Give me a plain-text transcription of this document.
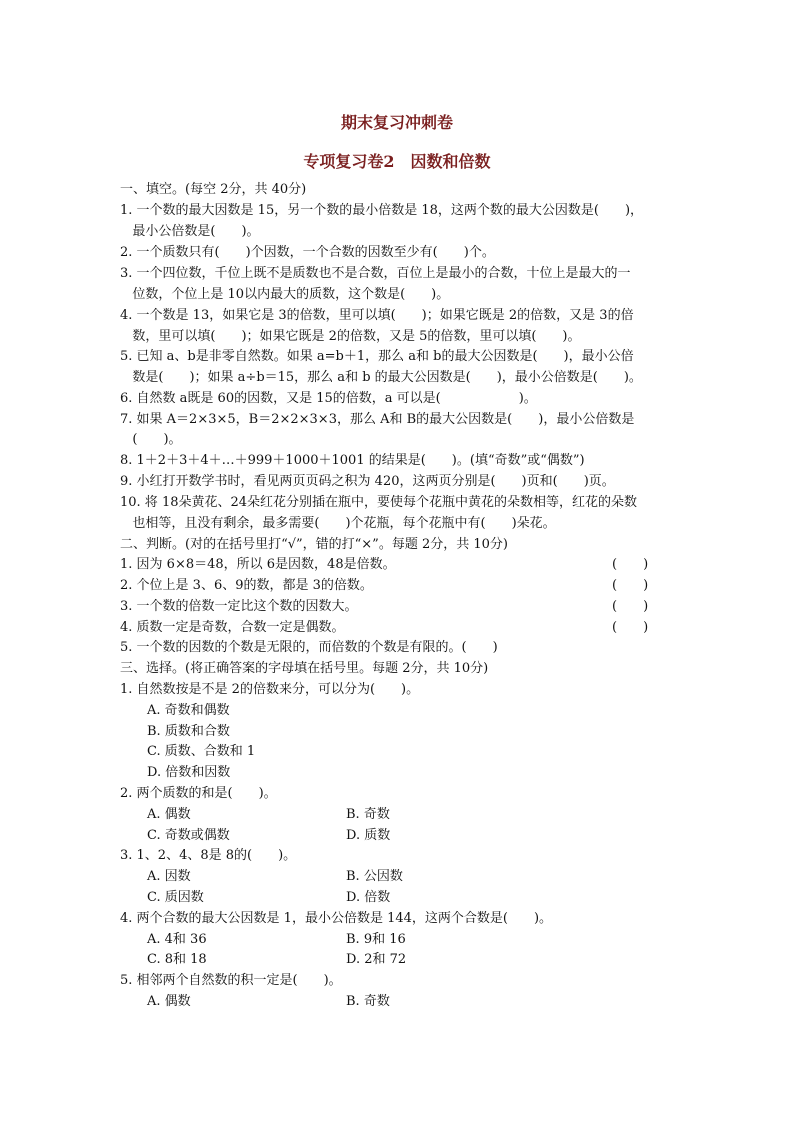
期末复习冲刺卷
专项复习卷2　因数和倍数
一、填空。(每空 2分，共 40分)
1. 一个数的最大因数是 15，另一个数的最小倍数是 18，这两个数的最大公因数是(　　)，
最小公倍数是(　　)。
2. 一个质数只有(　　)个因数，一个合数的因数至少有(　　)个。
3. 一个四位数，千位上既不是质数也不是合数，百位上是最小的合数，十位上是最大的一
位数，个位上是 10以内最大的质数，这个数是(　　)。
4. 一个数是 13，如果它是 3的倍数，里可以填(　　)；如果它既是 2的倍数，又是 3的倍
数，里可以填(　　)；如果它既是 2的倍数，又是 5的倍数，里可以填(　　)。
5. 已知 a、b是非零自然数。如果 a=b＋1，那么 a和 b的最大公因数是(　　)，最小公倍
数是(　　)；如果 a÷b＝15，那么 a和 b 的最大公因数是(　　)，最小公倍数是(　　)。
6. 自然数 a既是 60的因数，又是 15的倍数，a 可以是(　　　　　　)。
7. 如果 A＝2×3×5，B＝2×2×3×3，那么 A和 B的最大公因数是(　　)，最小公倍数是
(　　)。
8. 1＋2＋3＋4＋…＋999＋1000＋1001 的结果是(　　)。(填“奇数”或“偶数”)
9. 小红打开数学书时，看见两页页码之积为 420，这两页分别是(　　)页和(　　)页。
10. 将 18朵黄花、24朵红花分别插在瓶中，要使每个花瓶中黄花的朵数相等，红花的朵数
也相等，且没有剩余，最多需要(　　)个花瓶，每个花瓶中有(　　)朵花。
二、判断。(对的在括号里打“√”，错的打“×”。每题 2分，共 10分)
1. 因为 6×8＝48，所以 6是因数，48是倍数。	(　　)
2. 个位上是 3、6、9的数，都是 3的倍数。	(　　)
3. 一个数的倍数一定比这个数的因数大。	(　　)
4. 质数一定是奇数，合数一定是偶数。	(　　)
5. 一个数的因数的个数是无限的，而倍数的个数是有限的。(　　)
三、选择。(将正确答案的字母填在括号里。每题 2分，共 10分)
1. 自然数按是不是 2的倍数来分，可以分为(　　)。
A. 奇数和偶数
B. 质数和合数
C. 质数、合数和 1
D. 倍数和因数
2. 两个质数的和是(　　)。
A. 偶数	B. 奇数
C. 奇数或偶数	D. 质数
3. 1、2、4、8是 8的(　　)。
A. 因数	B. 公因数
C. 质因数	D. 倍数
4. 两个合数的最大公因数是 1，最小公倍数是 144，这两个合数是(　　)。
A. 4和 36	B. 9和 16
C. 8和 18	D. 2和 72
5. 相邻两个自然数的积一定是(　　)。
A. 偶数	B. 奇数
